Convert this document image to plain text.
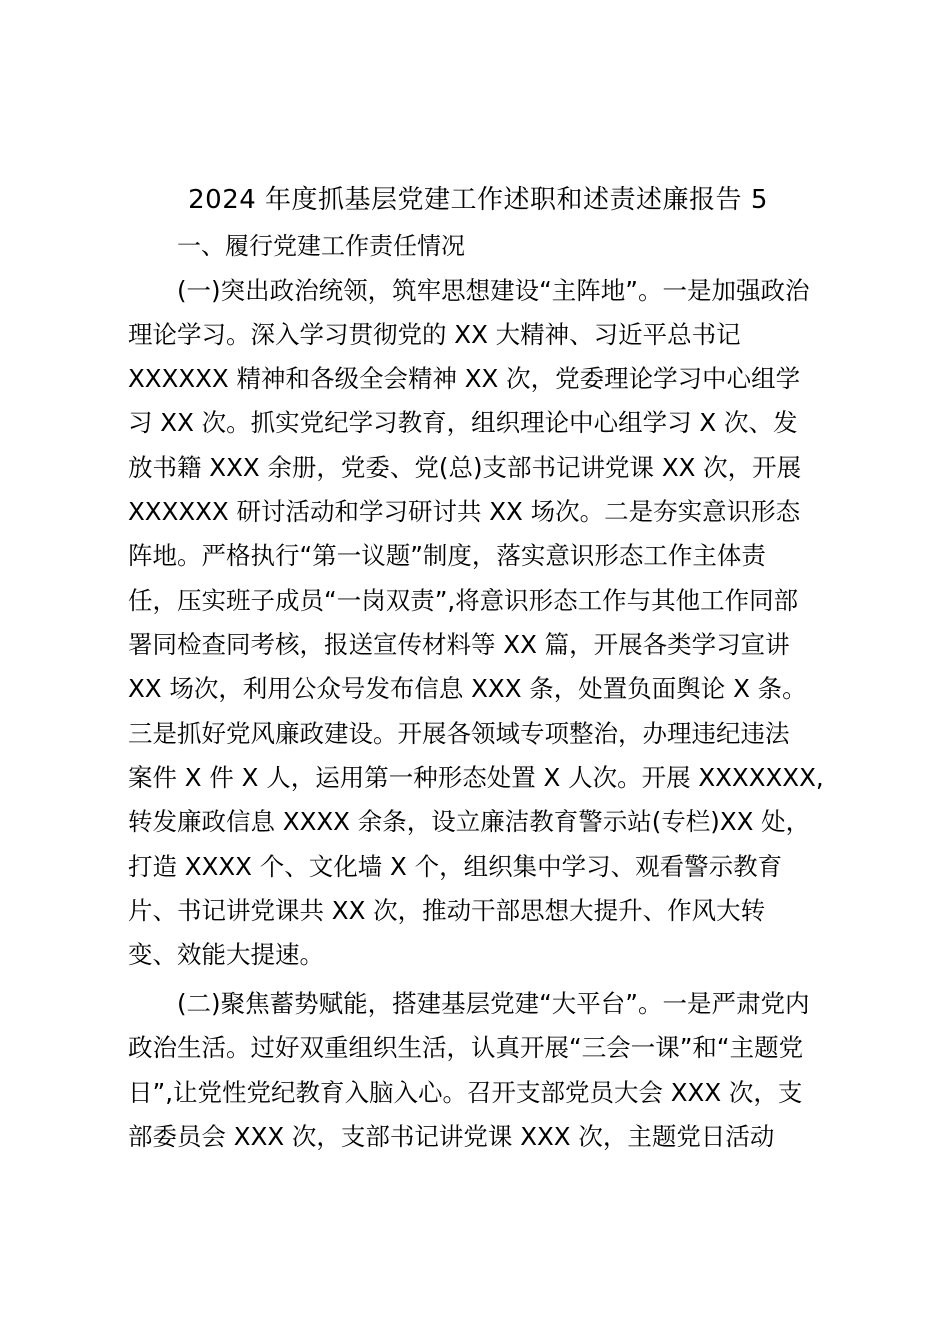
2024 年度抓基层党建工作述职和述责述廉报告 5
一、履行党建工作责任情况
(一)突出政治统领，筑牢思想建设“主阵地”。一是加强政治
理论学习。深入学习贯彻党的 XX 大精神、习近平总书记
XXXXXX 精神和各级全会精神 XX 次，党委理论学习中心组学
习 XX 次。抓实党纪学习教育，组织理论中心组学习 X 次、发
放书籍 XXX 余册，党委、党(总)支部书记讲党课 XX 次，开展
XXXXXX 研讨活动和学习研讨共 XX 场次。二是夯实意识形态
阵地。严格执行“第一议题”制度，落实意识形态工作主体责
任，压实班子成员“一岗双责”,将意识形态工作与其他工作同部
署同检查同考核，报送宣传材料等 XX 篇，开展各类学习宣讲
XX 场次，利用公众号发布信息 XXX 条，处置负面舆论 X 条。
三是抓好党风廉政建设。开展各领域专项整治，办理违纪违法
案件 X 件 X 人，运用第一种形态处置 X 人次。开展 XXXXXXX,
转发廉政信息 XXXX 余条，设立廉洁教育警示站(专栏)XX 处，
打造 XXXX 个、文化墙 X 个，组织集中学习、观看警示教育
片、书记讲党课共 XX 次，推动干部思想大提升、作风大转
变、效能大提速。
(二)聚焦蓄势赋能，搭建基层党建“大平台”。一是严肃党内
政治生活。过好双重组织生活，认真开展“三会一课”和“主题党
日”,让党性党纪教育入脑入心。召开支部党员大会 XXX 次，支
部委员会 XXX 次，支部书记讲党课 XXX 次，主题党日活动
